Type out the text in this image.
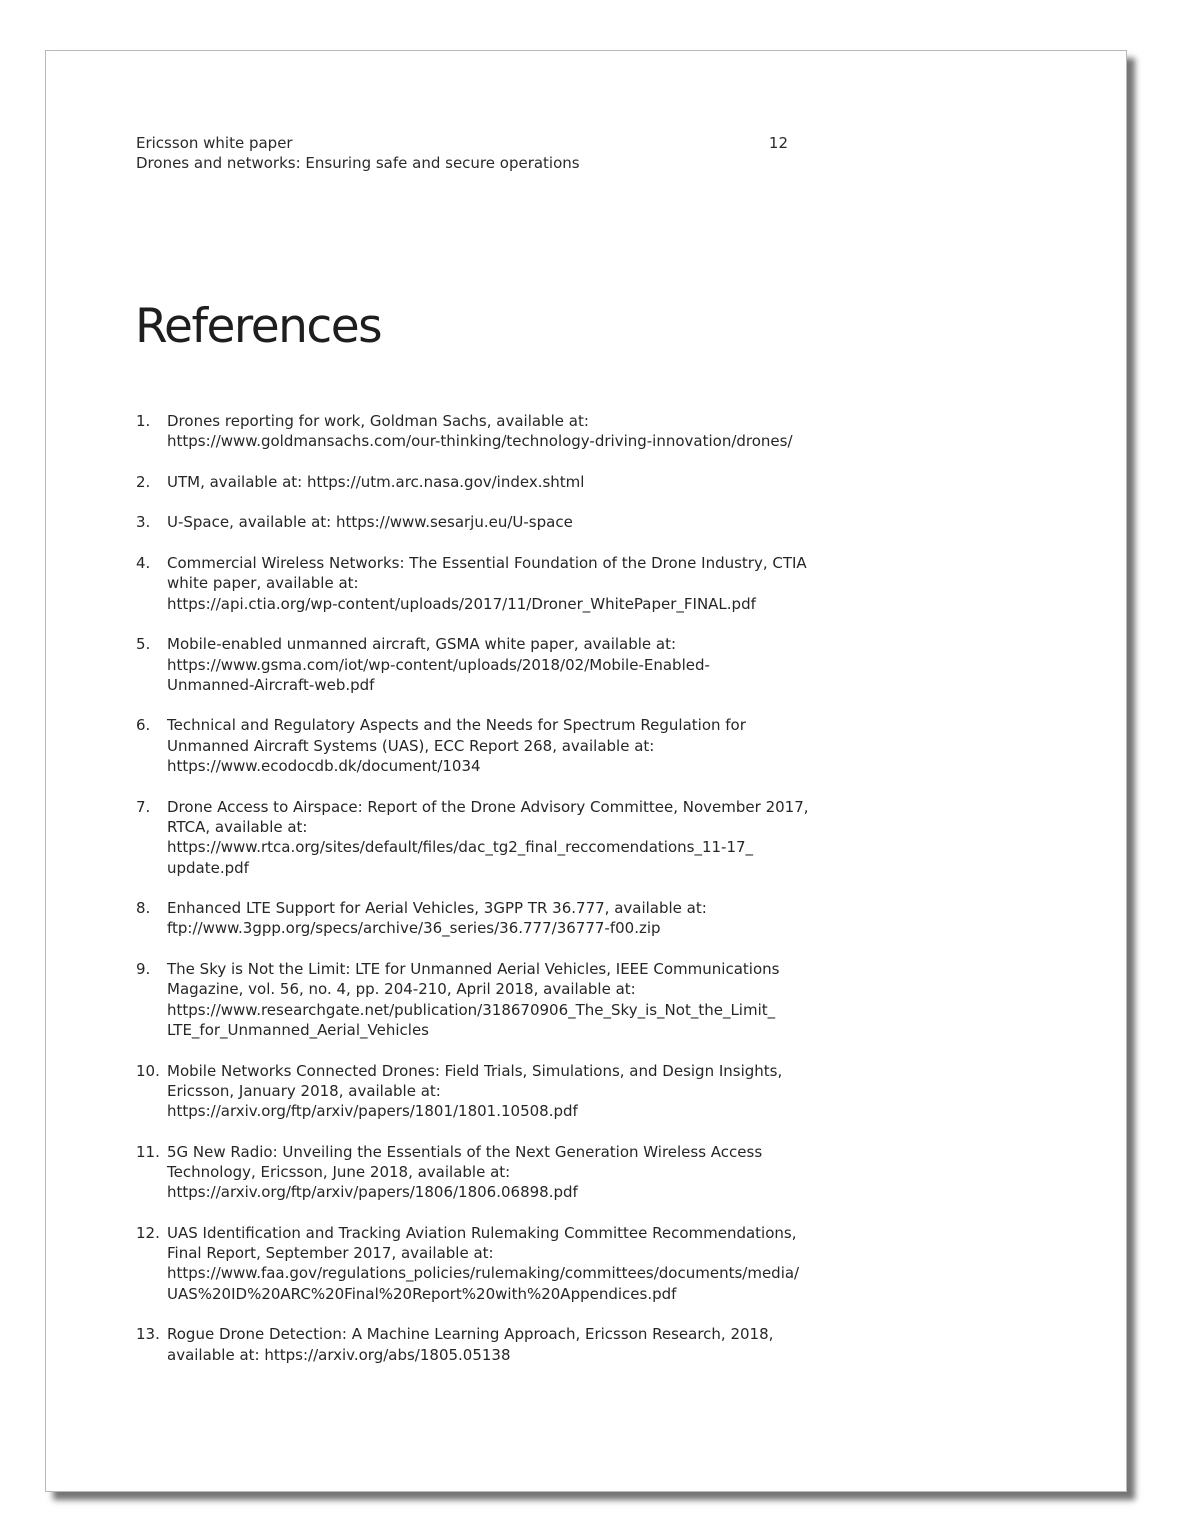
Ericsson white paper
Drones and networks: Ensuring safe and secure operations
12
References
1. Drones reporting for work, Goldman Sachs, available at:
https://www.goldmansachs.com/our-thinking/technology-driving-innovation/drones/
2. UTM, available at: https://utm.arc.nasa.gov/index.shtml
3. U-Space, available at: https://www.sesarju.eu/U-space
4. Commercial Wireless Networks: The Essential Foundation of the Drone Industry, CTIA
white paper, available at:
https://api.ctia.org/wp-content/uploads/2017/11/Droner_WhitePaper_FINAL.pdf
5. Mobile-enabled unmanned aircraft, GSMA white paper, available at:
https://www.gsma.com/iot/wp-content/uploads/2018/02/Mobile-Enabled-
Unmanned-Aircraft-web.pdf
6. Technical and Regulatory Aspects and the Needs for Spectrum Regulation for
Unmanned Aircraft Systems (UAS), ECC Report 268, available at:
https://www.ecodocdb.dk/document/1034
7. Drone Access to Airspace: Report of the Drone Advisory Committee, November 2017,
RTCA, available at:
https://www.rtca.org/sites/default/files/dac_tg2_final_reccomendations_11-17_
update.pdf
8. Enhanced LTE Support for Aerial Vehicles, 3GPP TR 36.777, available at:
ftp://www.3gpp.org/specs/archive/36_series/36.777/36777-f00.zip
9. The Sky is Not the Limit: LTE for Unmanned Aerial Vehicles, IEEE Communications
Magazine, vol. 56, no. 4, pp. 204-210, April 2018, available at:
https://www.researchgate.net/publication/318670906_The_Sky_is_Not_the_Limit_
LTE_for_Unmanned_Aerial_Vehicles
10. Mobile Networks Connected Drones: Field Trials, Simulations, and Design Insights,
Ericsson, January 2018, available at:
https://arxiv.org/ftp/arxiv/papers/1801/1801.10508.pdf
11. 5G New Radio: Unveiling the Essentials of the Next Generation Wireless Access
Technology, Ericsson, June 2018, available at:
https://arxiv.org/ftp/arxiv/papers/1806/1806.06898.pdf
12. UAS Identification and Tracking Aviation Rulemaking Committee Recommendations,
Final Report, September 2017, available at:
https://www.faa.gov/regulations_policies/rulemaking/committees/documents/media/
UAS%20ID%20ARC%20Final%20Report%20with%20Appendices.pdf
13. Rogue Drone Detection: A Machine Learning Approach, Ericsson Research, 2018,
available at: https://arxiv.org/abs/1805.05138
